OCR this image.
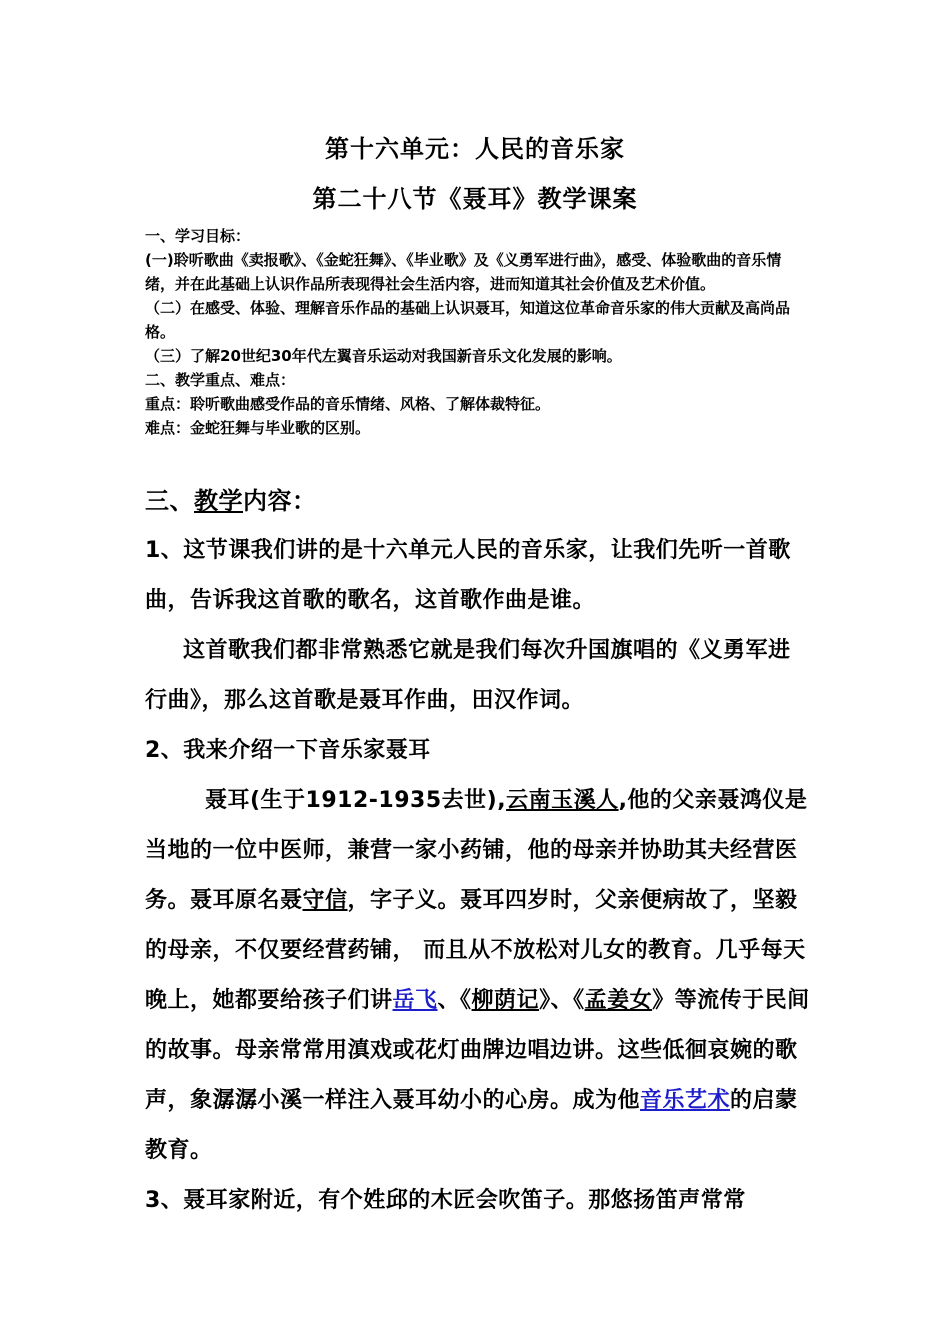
第十六单元：人民的音乐家
第二十八节《聂耳》教学课案

一、学习目标：

(一)聆听歌曲《卖报歌》、《金蛇狂舞》、《毕业歌》及《义勇军进行曲》，感受、体验歌曲的音乐情绪，并在此基础上认识作品所表现得社会生活内容，进而知道其社会价值及艺术价值。

（二）在感受、体验、理解音乐作品的基础上认识聂耳，知道这位革命音乐家的伟大贡献及高尚品格。

（三）了解20世纪30年代左翼音乐运动对我国新音乐文化发展的影响。

二、教学重点、难点：

重点：聆听歌曲感受作品的音乐情绪、风格、了解体裁特征。

难点：金蛇狂舞与毕业歌的区别。

三、教学内容：

1、这节课我们讲的是十六单元人民的音乐家，让我们先听一首歌曲，告诉我这首歌的歌名，这首歌作曲是谁。

这首歌我们都非常熟悉它就是我们每次升国旗唱的《义勇军进行曲》，那么这首歌是聂耳作曲，田汉作词。

2、我来介绍一下音乐家聂耳

聂耳(生于1912-1935去世),云南玉溪人,他的父亲聂鸿仪是当地的一位中医师，兼营一家小药铺，他的母亲并协助其夫经营医务。聂耳原名聂守信，字子义。聂耳四岁时，父亲便病故了，坚毅的母亲，不仅要经营药铺， 而且从不放松对儿女的教育。几乎每天晚上，她都要给孩子们讲岳飞、《柳荫记》、《孟姜女》等流传于民间的故事。母亲常常用滇戏或花灯曲牌边唱边讲。这些低徊哀婉的歌声，象潺潺小溪一样注入聂耳幼小的心房。成为他音乐艺术的启蒙教育。

3、聂耳家附近，有个姓邱的木匠会吹笛子。那悠扬笛声常常
